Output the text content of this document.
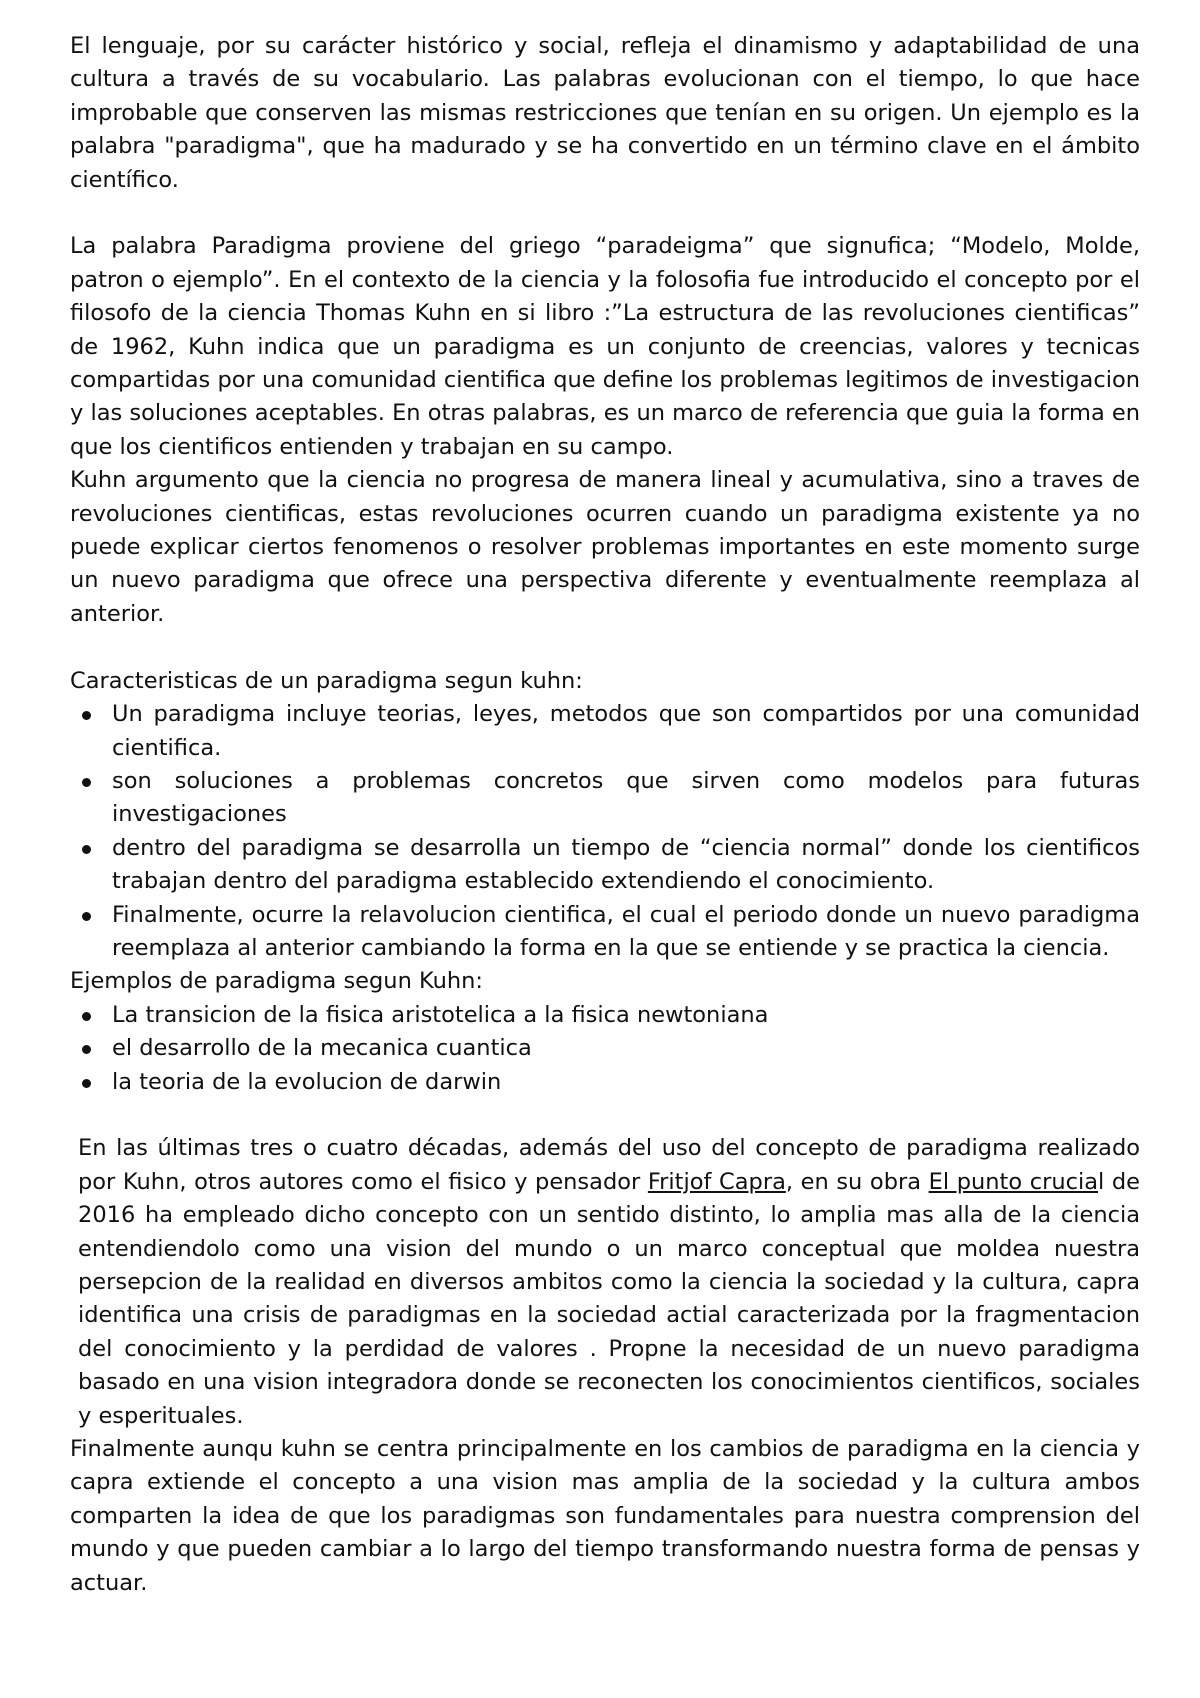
El lenguaje, por su carácter histórico y social, refleja el dinamismo y adaptabilidad de una cultura a través de su vocabulario. Las palabras evolucionan con el tiempo, lo que hace improbable que conserven las mismas restricciones que tenían en su origen. Un ejemplo es la palabra "paradigma", que ha madurado y se ha convertido en un término clave en el ámbito científico.

La palabra Paradigma proviene del griego “paradeigma” que signufica; “Modelo, Molde, patron o ejemplo”. En el contexto de la ciencia y la folosofia fue introducido el concepto por el filosofo de la ciencia Thomas Kuhn en si libro :”La estructura de las revoluciones cientificas” de 1962, Kuhn indica que un paradigma es un conjunto de creencias, valores y tecnicas compartidas por una comunidad cientifica que define los problemas legitimos de investigacion y las soluciones aceptables. En otras palabras, es un marco de referencia que guia la forma en que los cientificos entienden y trabajan en su campo.

Kuhn argumento que la ciencia no progresa de manera lineal y acumulativa, sino a traves de revoluciones cientificas, estas revoluciones ocurren cuando un paradigma existente ya no puede explicar ciertos fenomenos o resolver problemas importantes en este momento surge un nuevo paradigma que ofrece una perspectiva diferente y eventualmente reemplaza al anterior.

Caracteristicas de un paradigma segun kuhn:

Un paradigma incluye teorias, leyes, metodos que son compartidos por una comunidad cientifica.
son soluciones a problemas concretos que sirven como modelos para futuras investigaciones
dentro del paradigma se desarrolla un tiempo de “ciencia normal” donde los cientificos trabajan dentro del paradigma establecido extendiendo el conocimiento.
Finalmente, ocurre la relavolucion cientifica, el cual el periodo donde un nuevo paradigma reemplaza al anterior cambiando la forma en la que se entiende y se practica la ciencia.

Ejemplos de paradigma segun Kuhn:

La transicion de la fisica aristotelica a la fisica newtoniana
el desarrollo de la mecanica cuantica
la teoria de la evolucion de darwin

En las últimas tres o cuatro décadas, además del uso del concepto de paradigma realizado por Kuhn, otros autores como el fisico y pensador Fritjof Capra, en su obra El punto crucial de 2016 ha empleado dicho concepto con un sentido distinto, lo amplia mas alla de la ciencia entendiendolo como una vision del mundo o un marco conceptual que moldea nuestra persepcion de la realidad en diversos ambitos como la ciencia la sociedad y la cultura, capra identifica una crisis de paradigmas en la sociedad actial caracterizada por la fragmentacion del conocimiento y la perdidad de valores . Propne la necesidad de un nuevo paradigma basado en una vision integradora donde se reconecten los conocimientos cientificos, sociales y esperituales.

Finalmente aunqu kuhn se centra principalmente en los cambios de paradigma en la ciencia y capra extiende el concepto a una vision mas amplia de la sociedad y la cultura ambos comparten la idea de que los paradigmas son fundamentales para nuestra comprension del mundo y que pueden cambiar a lo largo del tiempo transformando nuestra forma de pensas y actuar.
